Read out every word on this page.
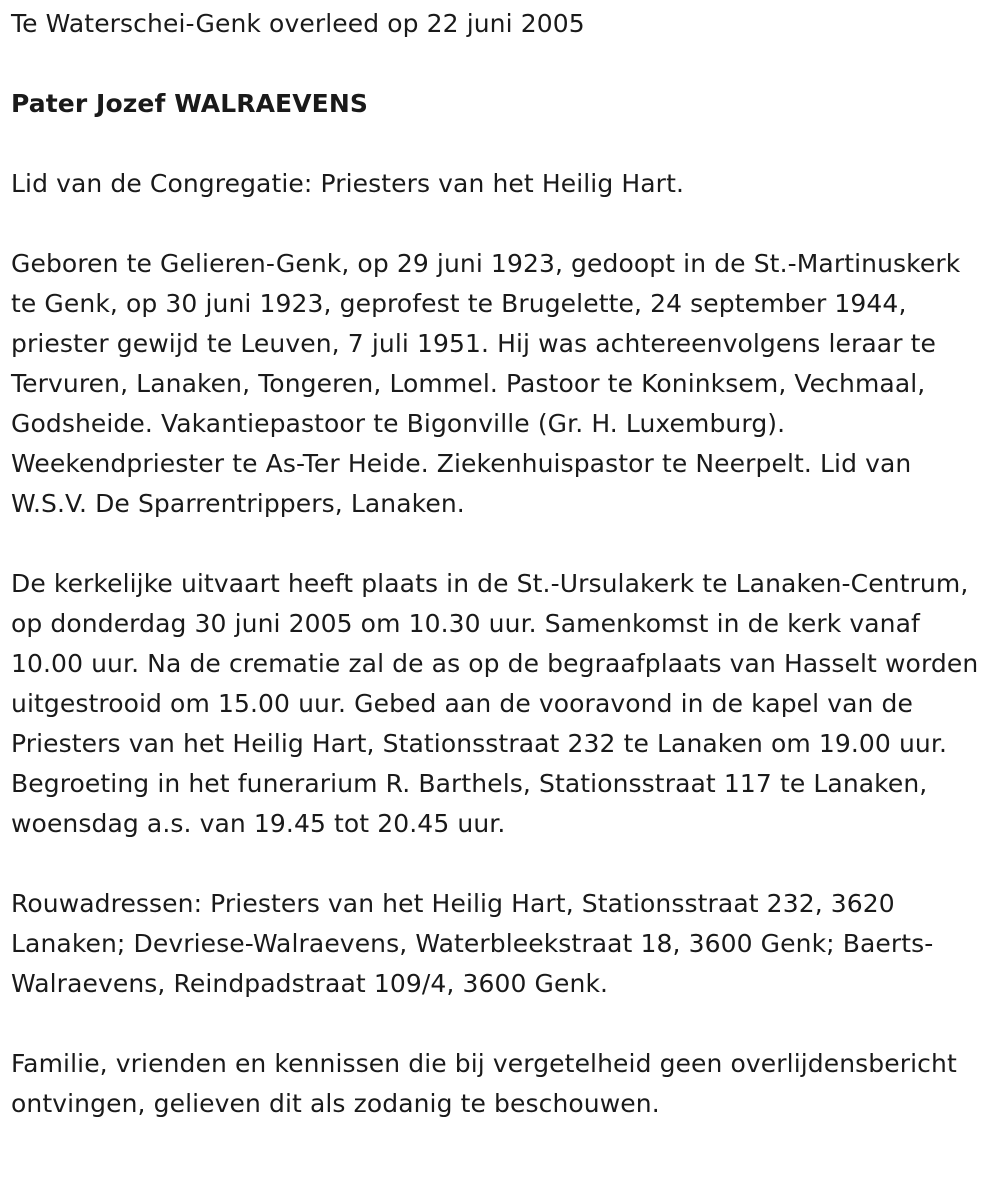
Te Waterschei-Genk overleed op 22 juni 2005

Pater Jozef WALRAEVENS

Lid van de Congregatie: Priesters van het Heilig Hart.

Geboren te Gelieren-Genk, op 29 juni 1923, gedoopt in de St.-Martinuskerk te Genk, op 30 juni 1923, geprofest te Brugelette, 24 september 1944, priester gewijd te Leuven, 7 juli 1951. Hij was achtereenvolgens leraar te Tervuren, Lanaken, Tongeren, Lommel. Pastoor te Koninksem, Vechmaal, Godsheide. Vakantiepastoor te Bigonville (Gr. H. Luxemburg). Weekendpriester te As-Ter Heide. Ziekenhuispastor te Neerpelt. Lid van W.S.V. De Sparrentrippers, Lanaken.

De kerkelijke uitvaart heeft plaats in de St.-Ursulakerk te Lanaken-Centrum, op donderdag 30 juni 2005 om 10.30 uur. Samenkomst in de kerk vanaf 10.00 uur. Na de crematie zal de as op de begraafplaats van Hasselt worden uitgestrooid om 15.00 uur. Gebed aan de vooravond in de kapel van de Priesters van het Heilig Hart, Stationsstraat 232 te Lanaken om 19.00 uur. Begroeting in het funerarium R. Barthels, Stationsstraat 117 te Lanaken, woensdag a.s. van 19.45 tot 20.45 uur.

Rouwadressen: Priesters van het Heilig Hart, Stationsstraat 232, 3620 Lanaken; Devriese-Walraevens, Waterbleekstraat 18, 3600 Genk; Baerts-Walraevens, Reindpadstraat 109/4, 3600 Genk.

Familie, vrienden en kennissen die bij vergetelheid geen overlijdensbericht ontvingen, gelieven dit als zodanig te beschouwen.
